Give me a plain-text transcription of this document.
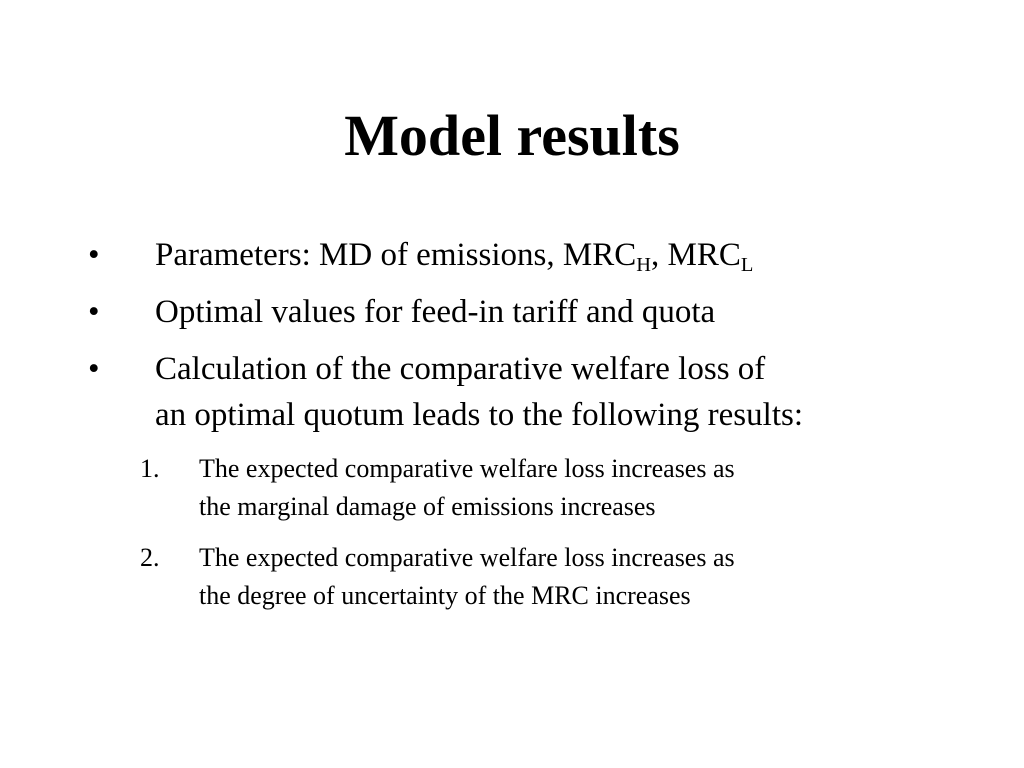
Model results
• Parameters: MD of emissions, $MRC_H$, $MRC_L$
• Optimal values for feed-in tariff and quota
• Calculation of the comparative welfare loss of
an optimal quotum leads to the following results:
1. The expected comparative welfare loss increases as
the marginal damage of emissions increases
2. The expected comparative welfare loss increases as
the degree of uncertainty of the MRC increases
